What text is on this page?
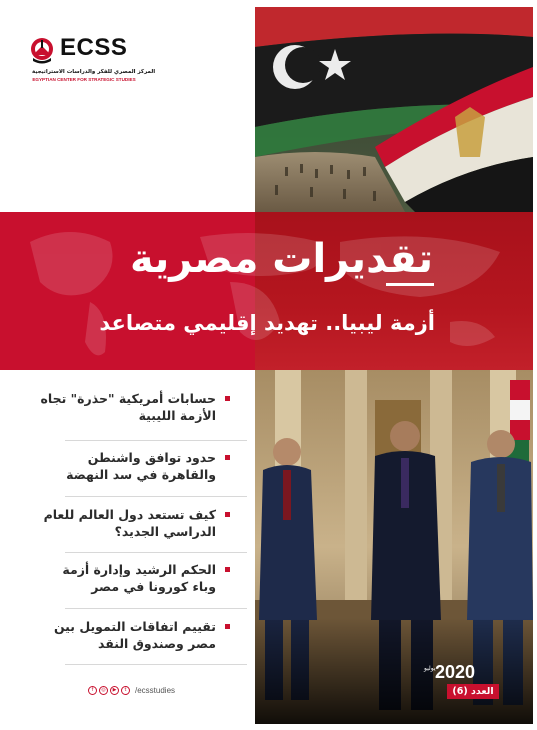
ECSS
المركز المصري للفكر والدراسات الاستراتيجية
EGYPTIAN CENTER FOR STRATEGIC STUDIES
تقديرات مصرية
أزمة ليبيا.. تهديد إقليمي متصاعد
حسابات أمريكية "حذرة" تجاه الأزمة الليبية
حدود توافق واشنطن والقاهرة في سد النهضة
كيف تستعد دول العالم للعام الدراسي الجديد؟
الحكم الرشيد وإدارة أزمة وباء كورونا في مصر
تقييم اتفاقات التمويل بين مصر وصندوق النقد
f	◎	▶	t	/ecsstudies
يوليو 2020
العدد (6)
